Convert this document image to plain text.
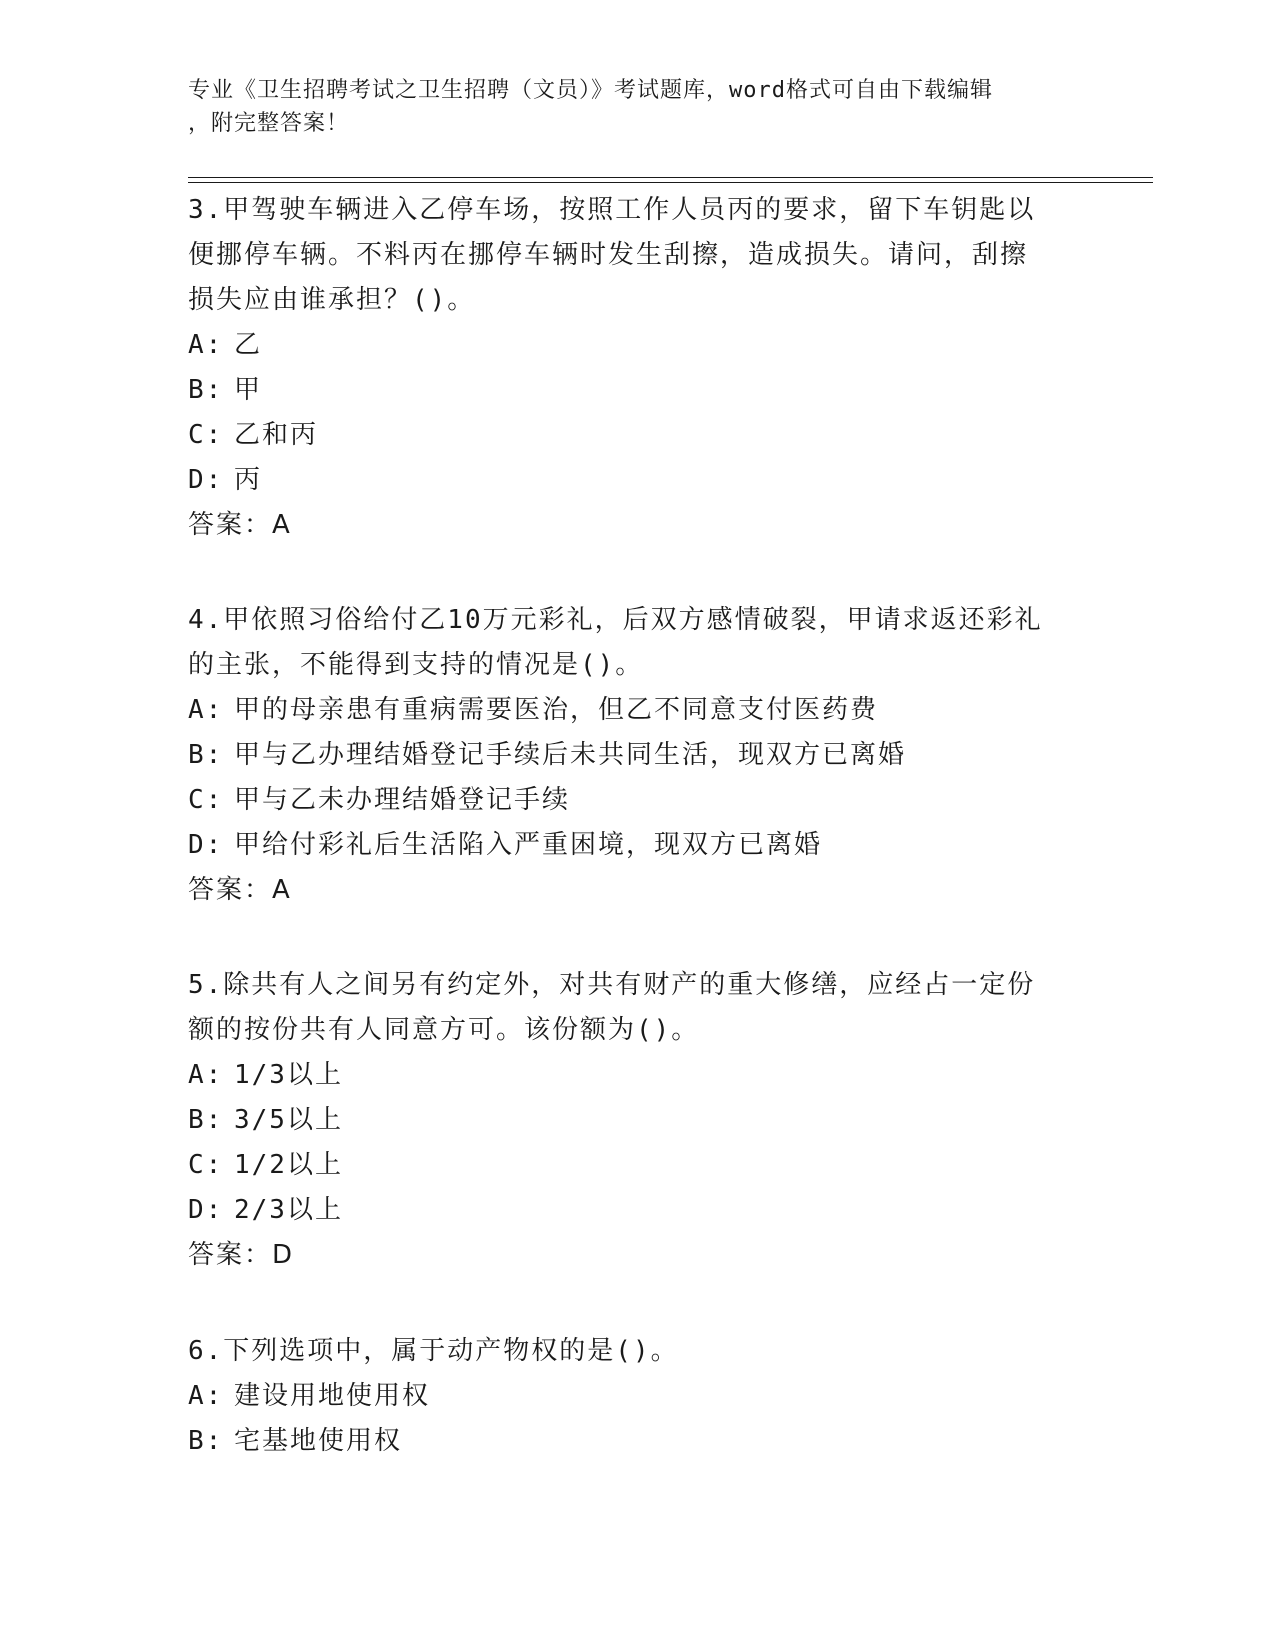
专业《卫生招聘考试之卫生招聘（文员）》考试题库，word格式可自由下载编辑
，附完整答案！

3.甲驾驶车辆进入乙停车场，按照工作人员丙的要求，留下车钥匙以

便挪停车辆。不料丙在挪停车辆时发生刮擦，造成损失。请问，刮擦

损失应由谁承担？()。

A: 乙

B: 甲

C: 乙和丙

D: 丙

答案：A

4.甲依照习俗给付乙10万元彩礼，后双方感情破裂，甲请求返还彩礼

的主张，不能得到支持的情况是()。

A: 甲的母亲患有重病需要医治，但乙不同意支付医药费

B: 甲与乙办理结婚登记手续后未共同生活，现双方已离婚

C: 甲与乙未办理结婚登记手续

D: 甲给付彩礼后生活陷入严重困境，现双方已离婚

答案：A

5.除共有人之间另有约定外，对共有财产的重大修缮，应经占一定份

额的按份共有人同意方可。该份额为()。

A: 1/3以上

B: 3/5以上

C: 1/2以上

D: 2/3以上

答案：D

6.下列选项中，属于动产物权的是()。

A: 建设用地使用权

B: 宅基地使用权
